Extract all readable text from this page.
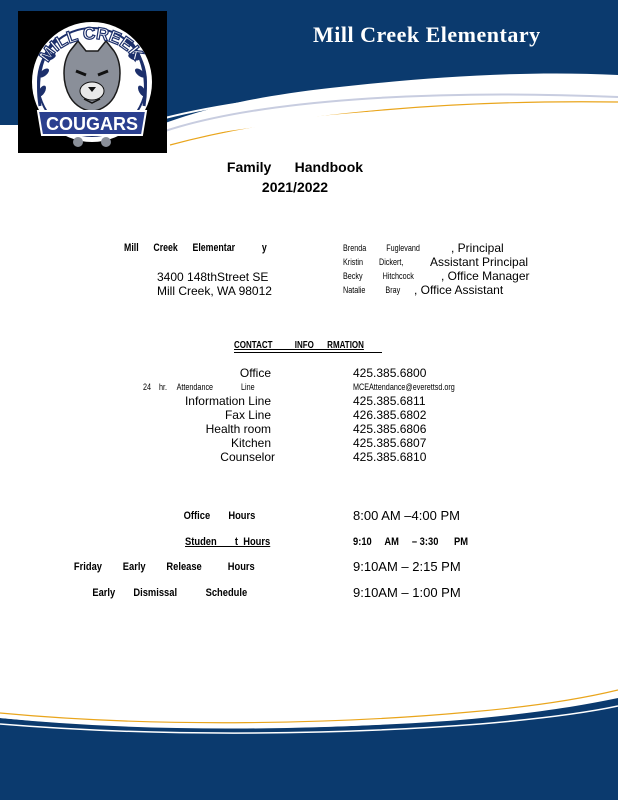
Mill Creek Elementary
MILL CREEK
COUGARS
Family      Handbook
2021/2022
Mill      Creek      Elementar           y
3400 148thStreet SE
Mill Creek, WA 98012
Brenda          Fuglevand	, Principal
Kristin        Dickert, Assistant Principal
Becky          Hitchcock , Office Manager
Natalie          Bray , Office Assistant
CONTACT          INFO      RMATION
Office	425.385.6800
24    hr.     Attendance              Line	MCEAttendance@everettsd.org
Information Line	425.385.6811
Fax Line	426.385.6802
Health room	425.385.6806
Kitchen	425.385.6807
Counselor	425.385.6810
Office       Hours	8:00 AM –4:00 PM
Studen       t  Hours	9:10     AM     – 3:30      PM
Friday        Early        Release          Hours	9:10AM – 2:15 PM
Early       Dismissal           Schedule	9:10AM – 1:00 PM
